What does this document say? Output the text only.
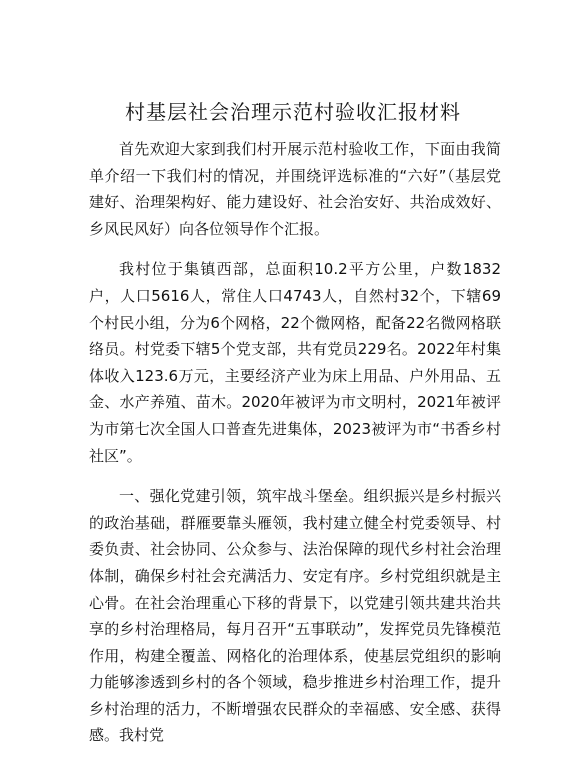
村基层社会治理示范村验收汇报材料

首先欢迎大家到我们村开展示范村验收工作，下面由我简单介绍一下我们村的情况，并围绕评选标准的“六好”（基层党建好、治理架构好、能力建设好、社会治安好、共治成效好、乡风民风好）向各位领导作个汇报。

我村位于集镇西部，总面积10.2平方公里，户数1832户，人口5616人，常住人口4743人，自然村32个，下辖69个村民小组，分为6个网格，22个微网格，配备22名微网格联络员。村党委下辖5个党支部，共有党员229名。2022年村集体收入123.6万元，主要经济产业为床上用品、户外用品、五金、水产养殖、苗木。2020年被评为市文明村，2021年被评为市第七次全国人口普查先进集体，2023被评为市“书香乡村社区”。

一、强化党建引领，筑牢战斗堡垒。组织振兴是乡村振兴的政治基础，群雁要靠头雁领，我村建立健全村党委领导、村委负责、社会协同、公众参与、法治保障的现代乡村社会治理体制，确保乡村社会充满活力、安定有序。乡村党组织就是主心骨。在社会治理重心下移的背景下，以党建引领共建共治共享的乡村治理格局，每月召开“五事联动”，发挥党员先锋模范作用，构建全覆盖、网格化的治理体系，使基层党组织的影响力能够渗透到乡村的各个领域，稳步推进乡村治理工作，提升乡村治理的活力，不断增强农民群众的幸福感、安全感、获得感。我村党
